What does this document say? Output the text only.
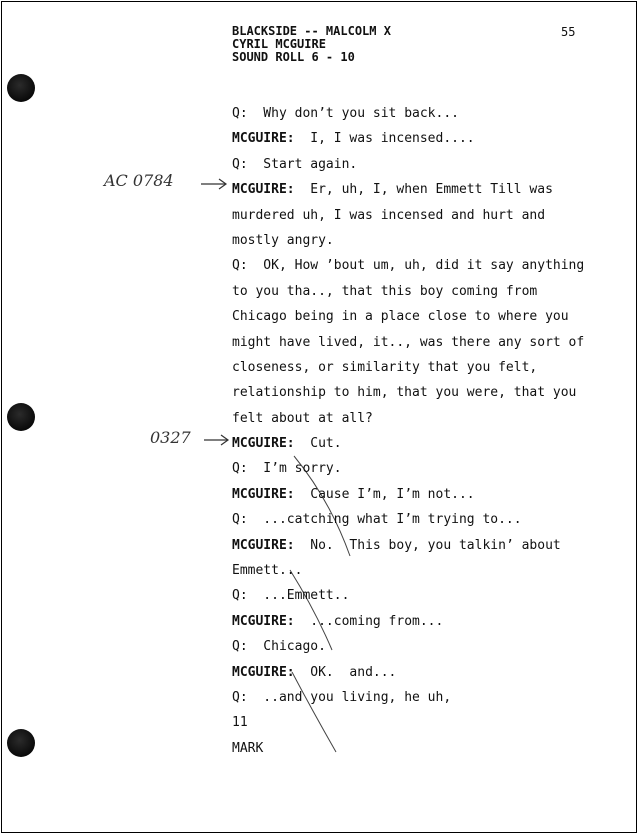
BLACKSIDE -- MALCOLM X
CYRIL MCGUIRE
SOUND ROLL 6 - 10
55
AC 0784
0327
Q:  Why don’t you sit back...
MCGUIRE:  I, I was incensed....
Q:  Start again.
MCGUIRE:  Er, uh, I, when Emmett Till was
murdered uh, I was incensed and hurt and
mostly angry.
Q:  OK, How ’bout um, uh, did it say anything
to you tha.., that this boy coming from
Chicago being in a place close to where you
might have lived, it.., was there any sort of
closeness, or similarity that you felt,
relationship to him, that you were, that you
felt about at all?
MCGUIRE:  Cut.
Q:  I’m sorry.
MCGUIRE:  Cause I’m, I’m not...
Q:  ...catching what I’m trying to...
MCGUIRE:  No.  This boy, you talkin’ about
Emmett...
Q:  ...Emmett..
MCGUIRE:  ...coming from...
Q:  Chicago.
MCGUIRE:  OK.  and...
Q:  ..and you living, he uh,
11
MARK
